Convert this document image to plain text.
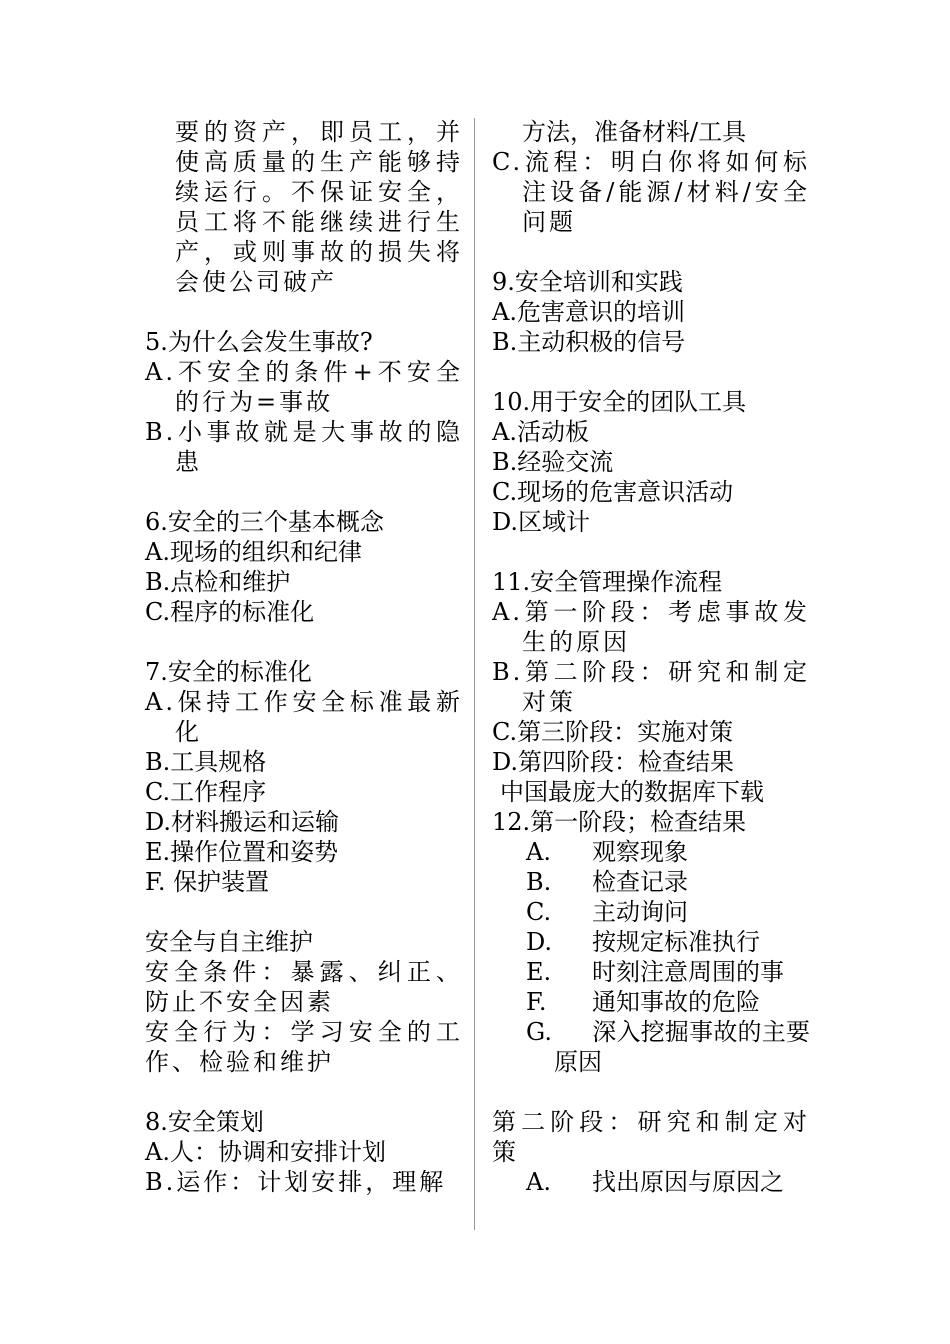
要的资产，即员工，并使高质量的生产能够持续运行。不保证安全，员工将不能继续进行生产，或则事故的损失将会使公司破产

5.为什么会发生事故?

A.不安全的条件+不安全的行为=事故

B.小事故就是大事故的隐患

6.安全的三个基本概念

A.现场的组织和纪律

B.点检和维护

C.程序的标准化

7.安全的标准化

A.保持工作安全标准最新化

B.工具规格

C.工作程序

D.材料搬运和运输

E.操作位置和姿势

F. 保护装置

安全与自主维护

安全条件：暴露、纠正、防止不安全因素

安全行为：学习安全的工作、检验和维护

8.安全策划

A.人：协调和安排计划

B.运作：计划安排，理解

方法，准备材料/工具

C.流程：明白你将如何标注设备/能源/材料/安全问题

9.安全培训和实践

A.危害意识的培训

B.主动积极的信号

10.用于安全的团队工具

A.活动板

B.经验交流

C.现场的危害意识活动

D.区域计

11.安全管理操作流程

A.第一阶段：考虑事故发生的原因

B.第二阶段：研究和制定对策

C.第三阶段：实施对策

D.第四阶段：检查结果

中国最庞大的数据库下载

12.第一阶段；检查结果

A. 观察现象

B. 检查记录

C. 主动询问

D. 按规定标准执行

E. 时刻注意周围的事

F. 通知事故的危险

G. 深入挖掘事故的主要原因

第二阶段：研究和制定对策

A. 找出原因与原因之
